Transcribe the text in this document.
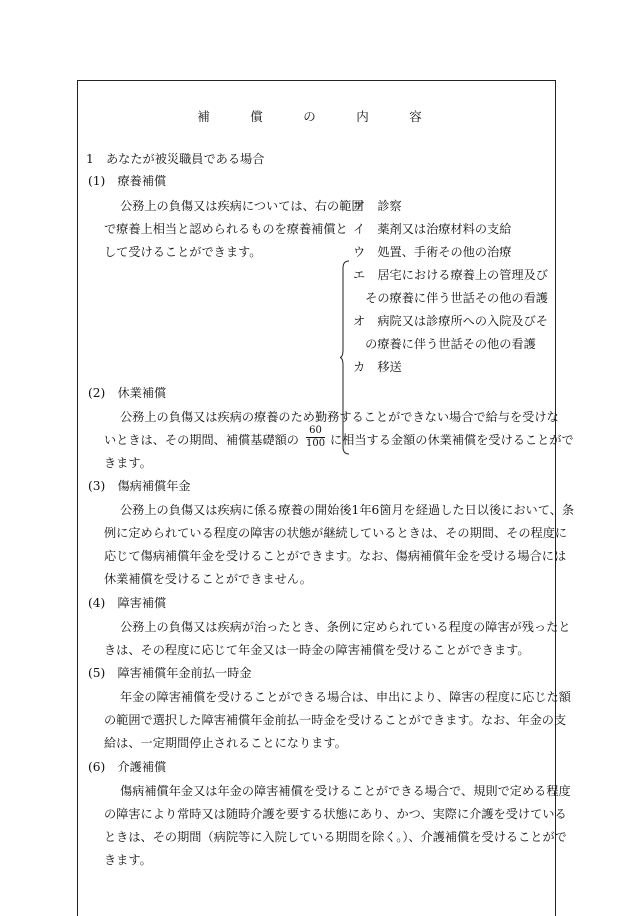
補　償　の　内　容
1　あなたが被災職員である場合
(1)　療養補償
公務上の負傷又は疾病については、右の範囲
で療養上相当と認められるものを療養補償と
して受けることができます。
ア　診察
イ　薬剤又は治療材料の支給
ウ　処置、手術その他の治療
エ　居宅における療養上の管理及び
　その療養に伴う世話その他の看護
オ　病院又は診療所への入院及びそ
　の療養に伴う世話その他の看護
カ　移送
(2)　休業補償
公務上の負傷又は疾病の療養のため勤務することができない場合で給与を受けな
いときは、その期間、補償基礎額の $\frac{60}{100}$ に相当する金額の休業補償を受けることがで
きます。
(3)　傷病補償年金
公務上の負傷又は疾病に係る療養の開始後1年6箇月を経過した日以後において、条
例に定められている程度の障害の状態が継続しているときは、その期間、その程度に
応じて傷病補償年金を受けることができます。なお、傷病補償年金を受ける場合には
休業補償を受けることができません。
(4)　障害補償
公務上の負傷又は疾病が治ったとき、条例に定められている程度の障害が残ったと
きは、その程度に応じて年金又は一時金の障害補償を受けることができます。
(5)　障害補償年金前払一時金
年金の障害補償を受けることができる場合は、申出により、障害の程度に応じた額
の範囲で選択した障害補償年金前払一時金を受けることができます。なお、年金の支
給は、一定期間停止されることになります。
(6)　介護補償
傷病補償年金又は年金の障害補償を受けることができる場合で、規則で定める程度
の障害により常時又は随時介護を要する状態にあり、かつ、実際に介護を受けている
ときは、その期間（病院等に入院している期間を除く。）、介護補償を受けることがで
きます。
